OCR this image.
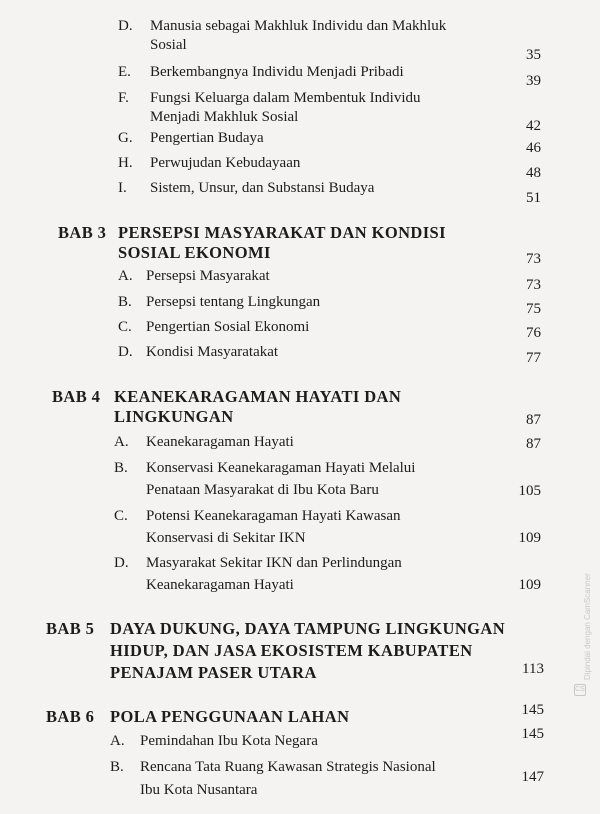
D. Manusia sebagai Makhluk Individu dan Makhluk
Sosial
35
E. Berkembangnya Individu Menjadi Pribadi
39
F. Fungsi Keluarga dalam Membentuk Individu
Menjadi Makhluk Sosial
42
G. Pengertian Budaya
46
H. Perwujudan Kebudayaan
48
I. Sistem, Unsur, dan Substansi Budaya
51
BAB 3 PERSEPSI MASYARAKAT DAN KONDISI
SOSIAL EKONOMI	73
A. Persepsi Masyarakat
73
B. Persepsi tentang Lingkungan	75
C. Pengertian Sosial Ekonomi	76
D. Kondisi Masyaratakat	77
BAB 4 KEANEKARAGAMAN HAYATI DAN
LINGKUNGAN	87
A. Keanekaragaman Hayati	87
B. Konservasi Keanekaragaman Hayati Melalui
Penataan Masyarakat di Ibu Kota Baru	105
C. Potensi Keanekaragaman Hayati Kawasan
Konservasi di Sekitar IKN	109
D. Masyarakat Sekitar IKN dan Perlindungan
Keanekaragaman Hayati	109
BAB 5 DAYA DUKUNG, DAYA TAMPUNG LINGKUNGAN
HIDUP, DAN JASA EKOSISTEM KABUPATEN
PENAJAM PASER UTARA	113
BAB 6 POLA PENGGUNAAN LAHAN	145
A. Pemindahan Ibu Kota Negara	145
B. Rencana Tata Ruang Kawasan Strategis Nasional
Ibu Kota Nusantara
147
CS
Dipindai dengan CamScanner
